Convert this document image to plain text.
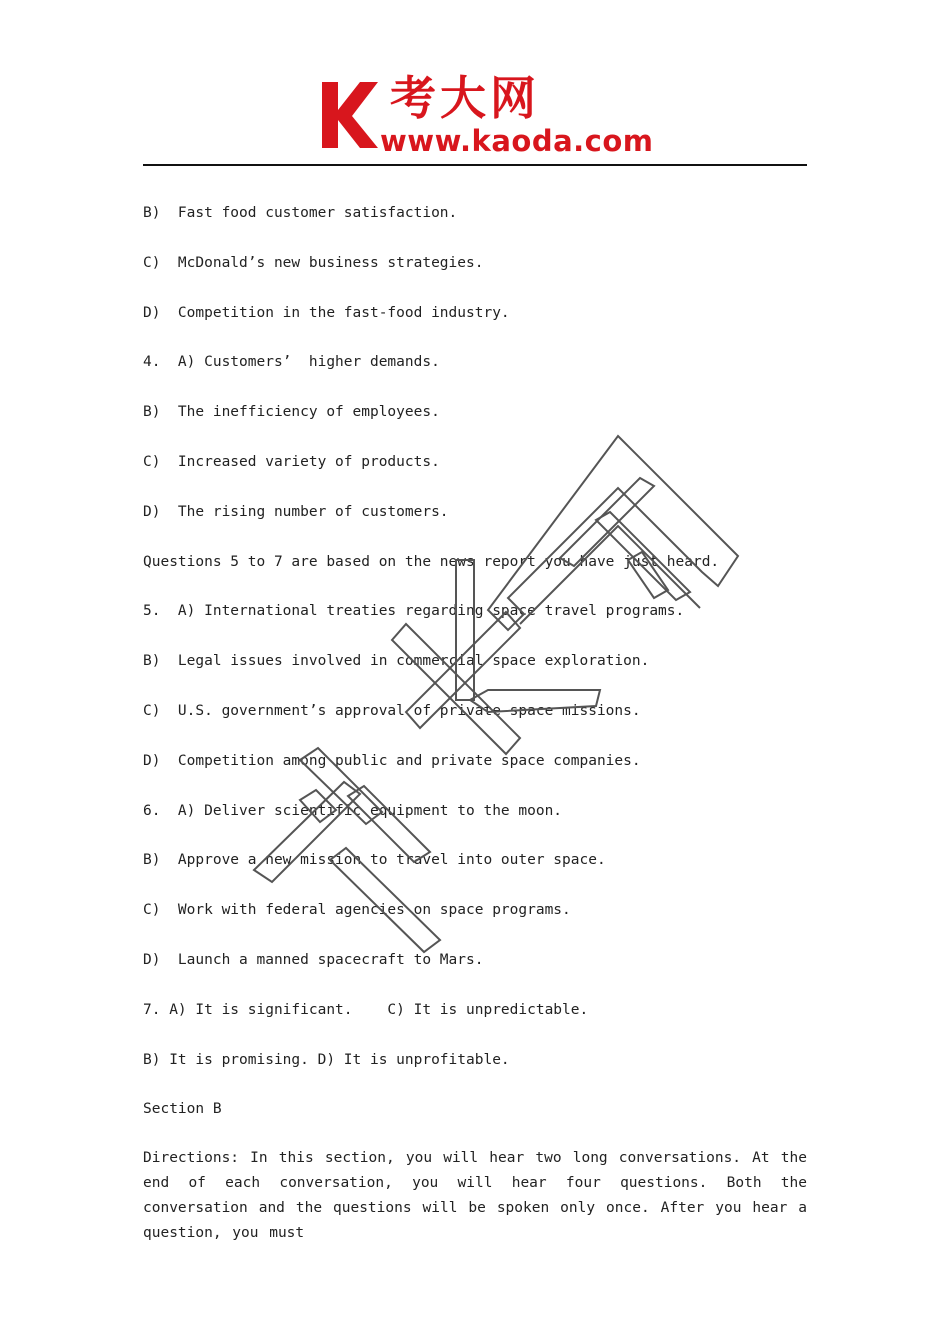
考大网
www.kaoda.com
B)  Fast food customer satisfaction.
C)  McDonald’s new business strategies.
D)  Competition in the fast-food industry.
4.  A) Customers’  higher demands.
B)  The inefficiency of employees.
C)  Increased variety of products.
D)  The rising number of customers.
Questions 5 to 7 are based on the news report you have just heard.
5.  A) International treaties regarding space travel programs.
B)  Legal issues involved in commercial space exploration.
C)  U.S. government’s approval of private space missions.
D)  Competition among public and private space companies.
6.  A) Deliver scientific equipment to the moon.
B)  Approve a new mission to travel into outer space.
C)  Work with federal agencies on space programs.
D)  Launch a manned spacecraft to Mars.
7. A) It is significant.    C) It is unpredictable.
B) It is promising. D) It is unprofitable.
Section B
Directions: In this section, you will hear two long conversations. At the end of each conversation, you will hear four questions. Both the conversation and the questions will be spoken only once. After you hear a question, you must
